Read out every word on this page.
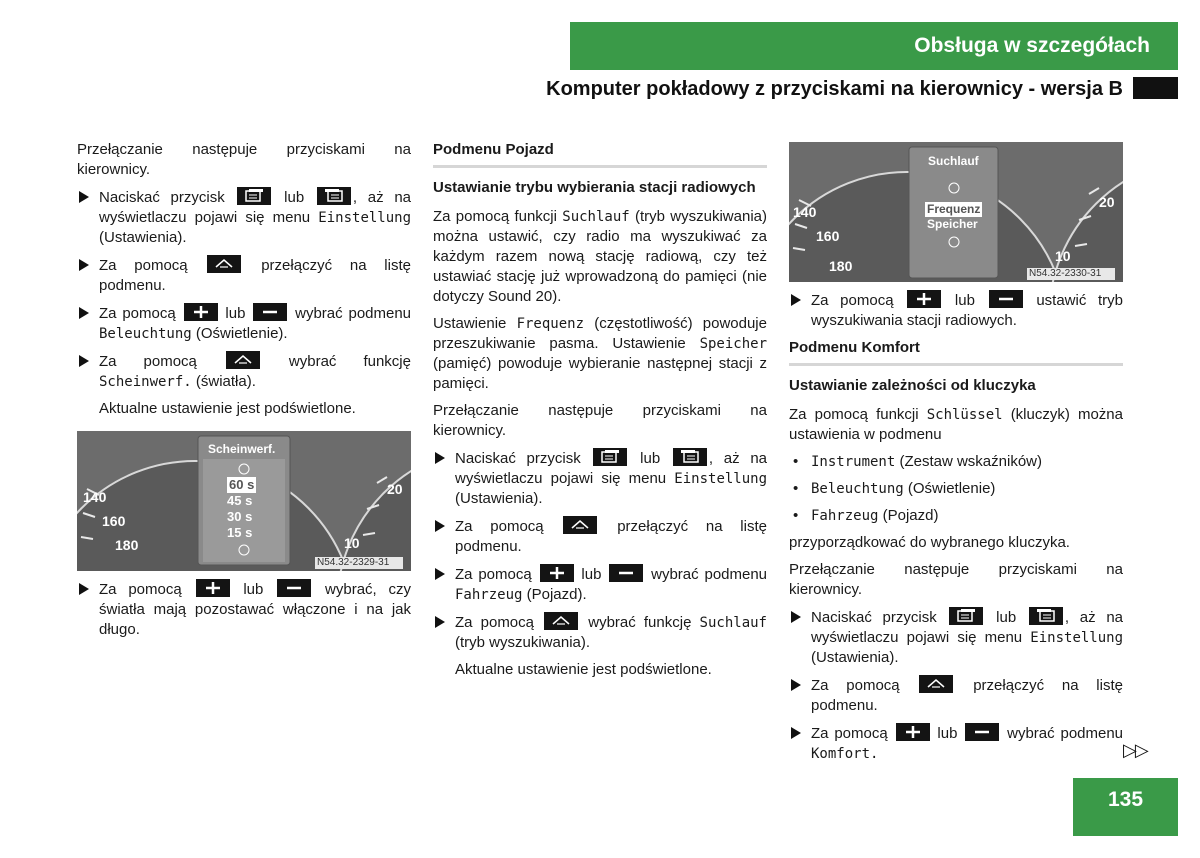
Obsługa w szczegółach
Komputer pokładowy z przyciskami na kierownicy - wersja B
Przełączanie następuje przyciskami na kierownicy.
Naciskać przycisk	lub	, aż na wyświetlaczu pojawi się menu Einstellung (Ustawienia).
Za pomocą	przełączyć na listę podmenu.
Za pomocą	lub	wybrać podmenu Beleuchtung (Oświetlenie).
Za pomocą	wybrać funkcję Scheinwerf. (światła).
Aktualne ustawienie jest podświetlone.
Scheinwerf.
60 s
45 s
30 s
15 s
140
160
180
20
10
N54.32-2329-31
Za pomocą	lub	wybrać, czy światła mają pozostawać włączone i na jak długo.
Podmenu Pojazd
Ustawianie trybu wybierania stacji radiowych
Za pomocą funkcji Suchlauf (tryb wyszukiwania) można ustawić, czy radio ma wyszukiwać za każdym razem nową stację radiową, czy też ustawiać stację już wprowadzoną do pamięci (nie dotyczy Sound 20).
Ustawienie Frequenz (częstotliwość) powoduje przeszukiwanie pasma. Ustawienie Speicher (pamięć) powoduje wybieranie następnej stacji z pamięci.
Przełączanie następuje przyciskami na kierownicy.
Naciskać przycisk	lub	, aż na wyświetlaczu pojawi się menu Einstellung (Ustawienia).
Za pomocą	przełączyć na listę podmenu.
Za pomocą	lub	wybrać podmenu Fahrzeug (Pojazd).
Za pomocą	wybrać funkcję Suchlauf (tryb wyszukiwania).
Aktualne ustawienie jest podświetlone.
Suchlauf
Frequenz
Speicher
140
160
180
20
10
N54.32-2330-31
Za pomocą	lub	ustawić tryb wyszukiwania stacji radiowych.
Podmenu Komfort
Ustawianie zależności od kluczyka
Za pomocą funkcji Schlüssel (kluczyk) można ustawienia w podmenu
• Instrument (Zestaw wskaźników)
• Beleuchtung (Oświetlenie)
• Fahrzeug (Pojazd)
przyporządkować do wybranego kluczyka.
Przełączanie następuje przyciskami na kierownicy.
Naciskać przycisk	lub	, aż na wyświetlaczu pojawi się menu Einstellung (Ustawienia).
Za pomocą	przełączyć na listę podmenu.
Za pomocą	lub	wybrać podmenu Komfort.	▷▷
135
